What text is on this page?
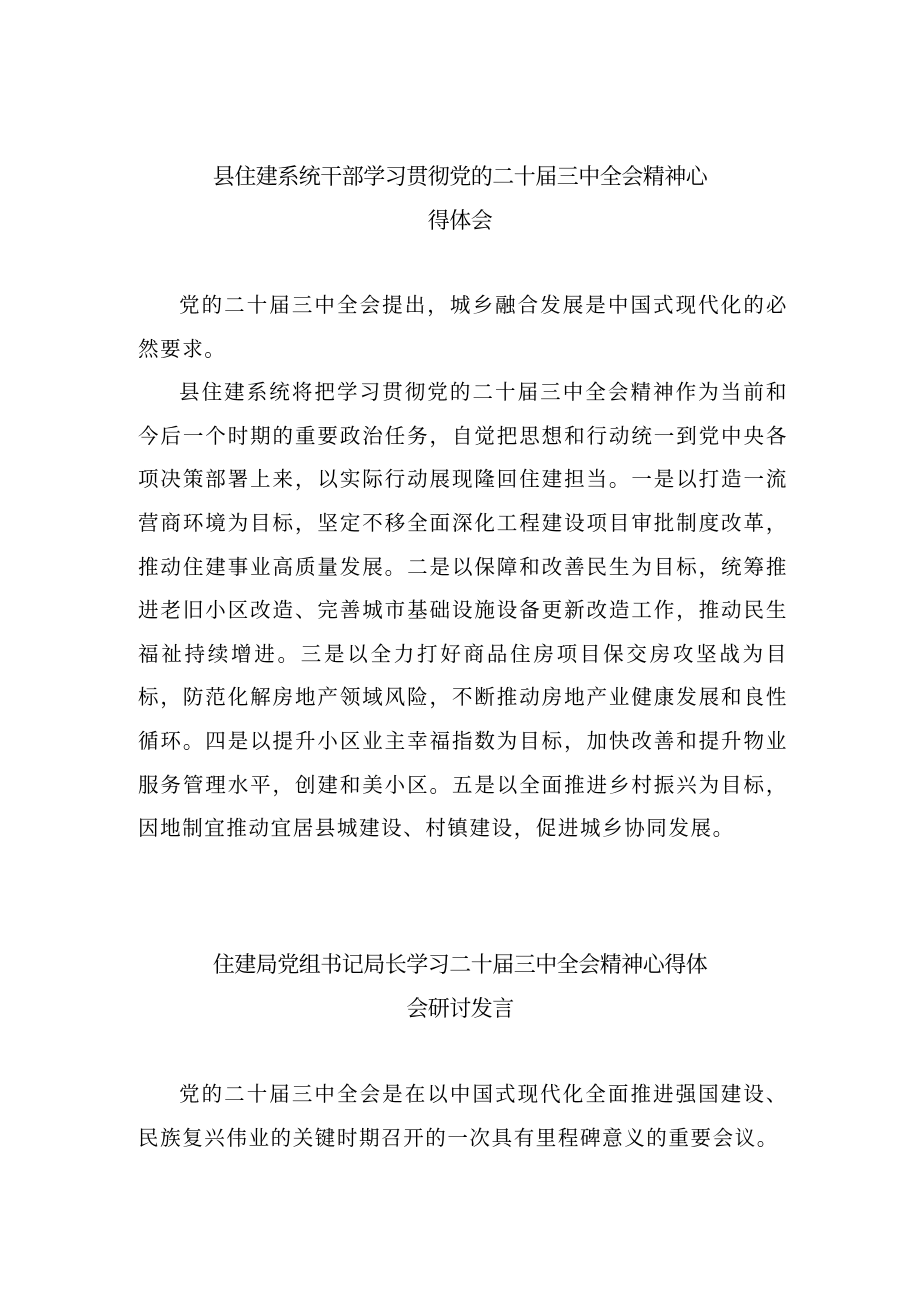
县住建系统干部学习贯彻党的二十届三中全会精神心
得体会

党的二十届三中全会提出，城乡融合发展是中国式现代化的必然要求。

县住建系统将把学习贯彻党的二十届三中全会精神作为当前和今后一个时期的重要政治任务，自觉把思想和行动统一到党中央各项决策部署上来，以实际行动展现隆回住建担当。一是以打造一流营商环境为目标，坚定不移全面深化工程建设项目审批制度改革，推动住建事业高质量发展。二是以保障和改善民生为目标，统筹推进老旧小区改造、完善城市基础设施设备更新改造工作，推动民生福祉持续增进。三是以全力打好商品住房项目保交房攻坚战为目标，防范化解房地产领域风险，不断推动房地产业健康发展和良性循环。四是以提升小区业主幸福指数为目标，加快改善和提升物业服务管理水平，创建和美小区。五是以全面推进乡村振兴为目标，因地制宜推动宜居县城建设、村镇建设，促进城乡协同发展。

住建局党组书记局长学习二十届三中全会精神心得体
会研讨发言

党的二十届三中全会是在以中国式现代化全面推进强国建设、民族复兴伟业的关键时期召开的一次具有里程碑意义的重要会议。
